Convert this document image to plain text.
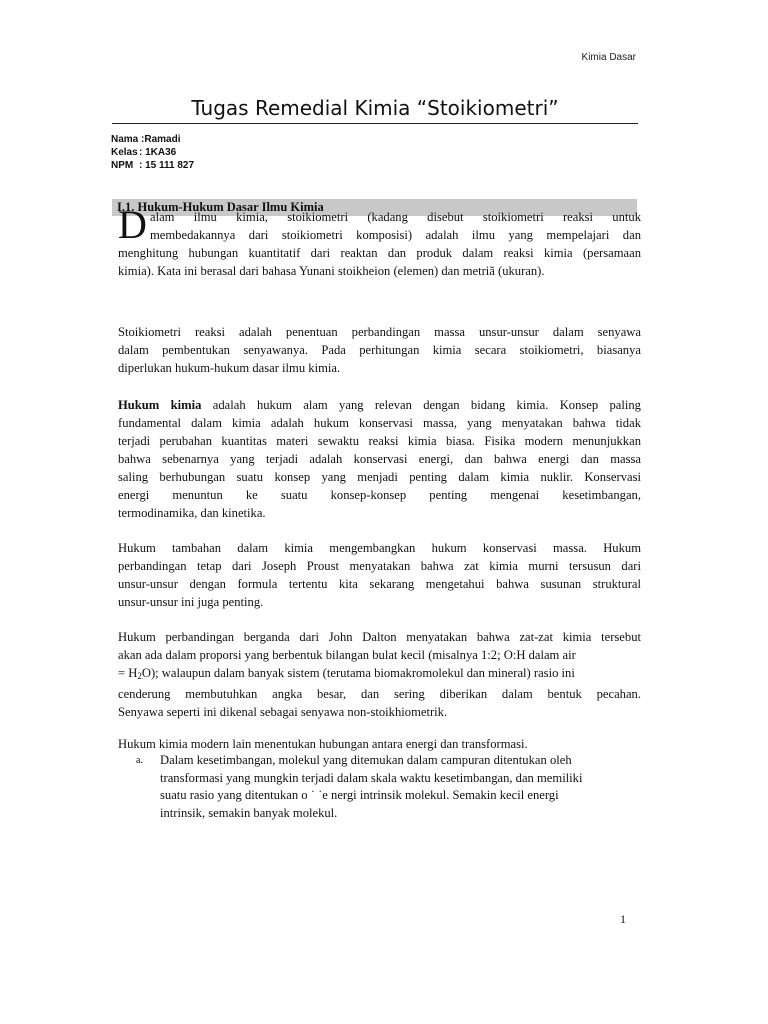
Kimia Dasar
Tugas Remedial Kimia “Stoikiometri”
Nama :Ramadi
Kelas: 1KA36
NPM : 15 111 827
I.1. Hukum-Hukum Dasar Ilmu Kimia
D alam ilmu kimia, stoikiometri (kadang disebut stoikiometri reaksi untuk
membedakannya dari stoikiometri komposisi) adalah ilmu yang mempelajari dan
menghitung hubungan kuantitatif dari reaktan dan produk dalam reaksi kimia (persamaan
kimia). Kata ini berasal dari bahasa Yunani stoikheion (elemen) dan metriã (ukuran).
Stoikiometri reaksi adalah penentuan perbandingan massa unsur-unsur dalam senyawa
dalam pembentukan senyawanya. Pada perhitungan kimia secara stoikiometri, biasanya
diperlukan hukum-hukum dasar ilmu kimia.
Hukum kimia adalah hukum alam yang relevan dengan bidang kimia. Konsep paling
fundamental dalam kimia adalah hukum konservasi massa, yang menyatakan bahwa tidak
terjadi perubahan kuantitas materi sewaktu reaksi kimia biasa. Fisika modern menunjukkan
bahwa sebenarnya yang terjadi adalah konservasi energi, dan bahwa energi dan massa
saling berhubungan suatu konsep yang menjadi penting dalam kimia nuklir. Konservasi
energi menuntun ke suatu konsep-konsep penting mengenai kesetimbangan,
termodinamika, dan kinetika.
Hukum tambahan dalam kimia mengembangkan hukum konservasi massa. Hukum
perbandingan tetap dari Joseph Proust menyatakan bahwa zat kimia murni tersusun dari
unsur-unsur dengan formula tertentu kita sekarang mengetahui bahwa susunan struktural
unsur-unsur ini juga penting.
Hukum perbandingan berganda dari John Dalton menyatakan bahwa zat-zat kimia tersebut
akan ada dalam proporsi yang berbentuk bilangan bulat kecil (misalnya 1:2; O:H dalam air
= $H_2O$); walaupun dalam banyak sistem (terutama biomakromolekul dan mineral) rasio ini
cenderung membutuhkan angka besar, dan sering diberikan dalam bentuk pecahan.
Senyawa seperti ini dikenal sebagai senyawa non-stoikhiometrik.
Hukum kimia modern lain menentukan hubungan antara energi dan transformasi.
a. Dalam kesetimbangan, molekul yang ditemukan dalam campuran ditentukan oleh
transformasi yang mungkin terjadi dalam skala waktu kesetimbangan, dan memiliki
suatu rasio yang ditentukan o ˙ ˙e nergi intrinsik molekul. Semakin kecil energi
intrinsik, semakin banyak molekul.
1
